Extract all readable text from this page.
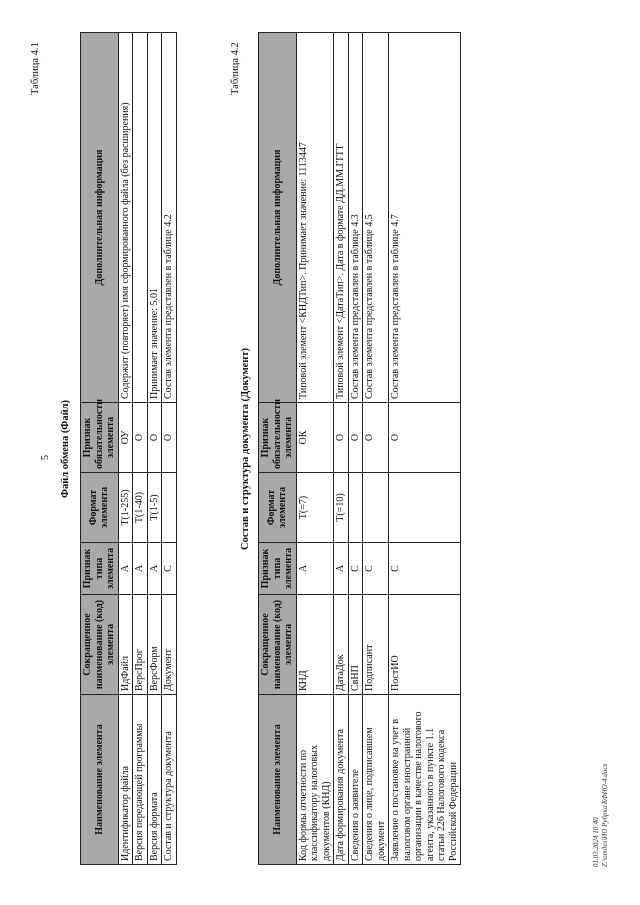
5
Таблица 4.1
Файл обмена (Файл)
Наименование элемента	Сокращенное наименование (код) элемента	Признак типа элемента	Формат элемента	Признак обязательности элемента	Дополнительная информация
Идентификатор файла	ИдФайл	А	T(1-255)	ОУ	Содержит (повторяет) имя сформированного файла (без расширения)
Версия передающей программы	ВерсПрог	А	T(1-40)	О	
Версия формата	ВерсФорм	А	T(1-5)	О	Принимает значение: 5.01
Состав и структура документа	Документ	С		О	Состав элемента представлен в таблице 4.2
Таблица 4.2
Состав и структура документа (Документ)
Наименование элемента	Сокращенное наименование (код) элемента	Признак типа элемента	Формат элемента	Признак обязательности элемента	Дополнительная информация
Код формы отчетности по классификатору налоговых документов (КНД)	КНД	А	T(=7)	ОК	Типовой элемент <КНДТип>. Принимает значение: 1113447
Дата формирования документа	ДатаДок	А	T(=10)	О	Типовой элемент <ДатаТип>. Дата в формате ДД.ММ.ГГГГ
Сведения о заявителе	СвНП	С		О	Состав элемента представлен в таблице 4.3
Сведения о лице, подписавшем документ	Подписант	С		О	Состав элемента представлен в таблице 4.5
Заявление о постановке на учет в налоговом органе иностранной организации в качестве налогового агента, указанного в пункте 1.1 статьи 226 Налогового кодекса Российской Федерации	ПостИО	С		О	Состав элемента представлен в таблице 4.7
01.03.2024 10:40 Z:\отдел\ИО Рубрка КФИО-4.docx
